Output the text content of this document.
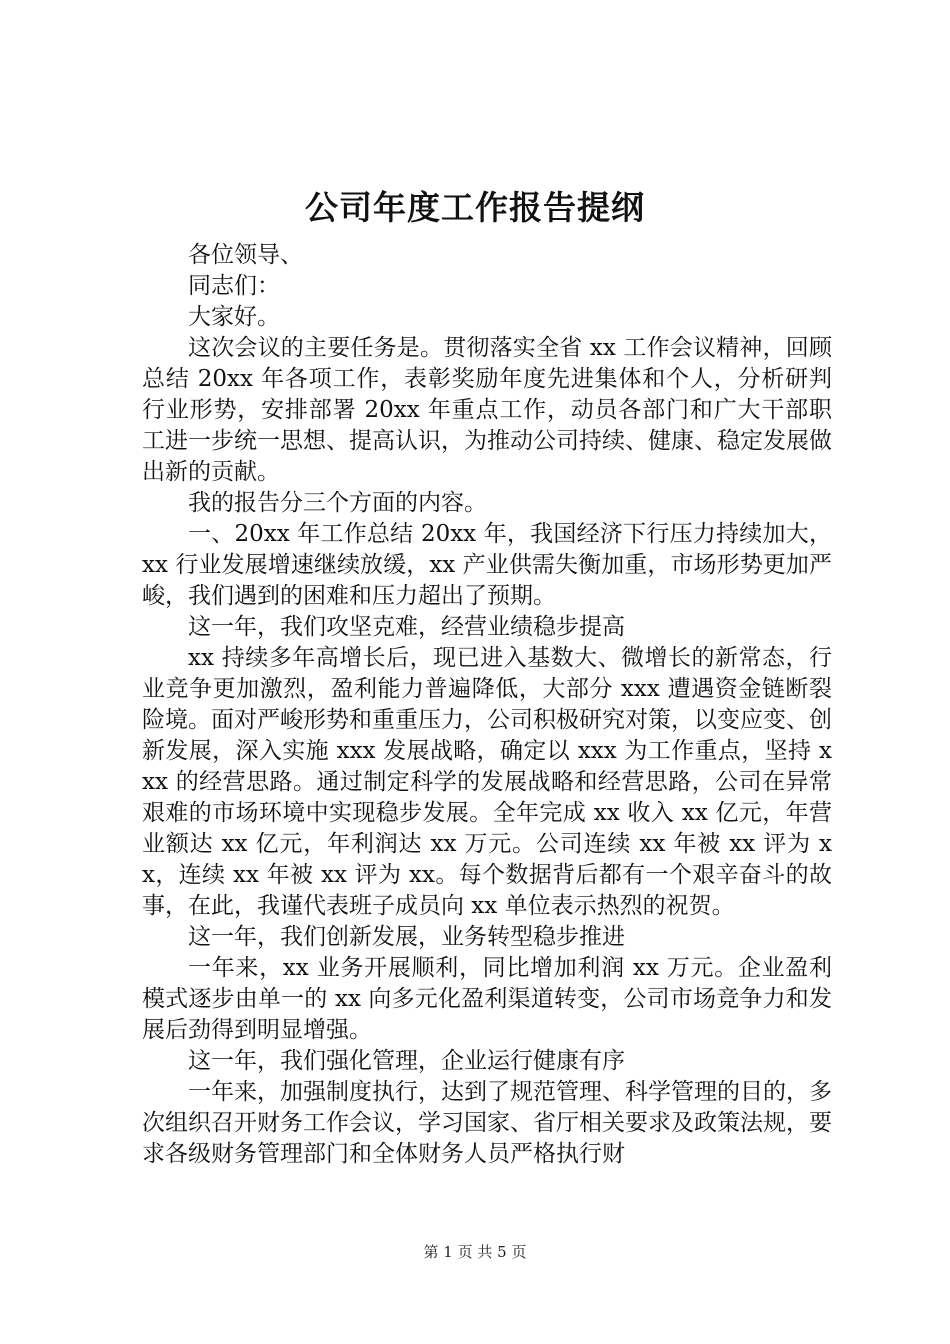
公司年度工作报告提纲

各位领导、

同志们：

大家好。

这次会议的主要任务是。贯彻落实全省 xx 工作会议精神，回顾总结 20xx 年各项工作，表彰奖励年度先进集体和个人，分析研判行业形势，安排部署 20xx 年重点工作，动员各部门和广大干部职工进一步统一思想、提高认识，为推动公司持续、健康、稳定发展做出新的贡献。

我的报告分三个方面的内容。

一、20xx 年工作总结 20xx 年，我国经济下行压力持续加大，xx 行业发展增速继续放缓，xx 产业供需失衡加重，市场形势更加严峻，我们遇到的困难和压力超出了预期。

这一年，我们攻坚克难，经营业绩稳步提高

xx 持续多年高增长后，现已进入基数大、微增长的新常态，行业竞争更加激烈，盈利能力普遍降低，大部分 xxx 遭遇资金链断裂险境。面对严峻形势和重重压力，公司积极研究对策，以变应变、创新发展，深入实施 xxx 发展战略，确定以 xxx 为工作重点，坚持 xxx 的经营思路。通过制定科学的发展战略和经营思路，公司在异常艰难的市场环境中实现稳步发展。全年完成 xx 收入 xx 亿元，年营业额达 xx 亿元，年利润达 xx 万元。公司连续 xx 年被 xx 评为 xx，连续 xx 年被 xx 评为 xx。每个数据背后都有一个艰辛奋斗的故事，在此，我谨代表班子成员向 xx 单位表示热烈的祝贺。

这一年，我们创新发展，业务转型稳步推进

一年来，xx 业务开展顺利，同比增加利润 xx 万元。企业盈利模式逐步由单一的 xx 向多元化盈利渠道转变，公司市场竞争力和发展后劲得到明显增强。

这一年，我们强化管理，企业运行健康有序

一年来，加强制度执行，达到了规范管理、科学管理的目的，多次组织召开财务工作会议，学习国家、省厅相关要求及政策法规，要求各级财务管理部门和全体财务人员严格执行财

第 1 页 共 5 页
